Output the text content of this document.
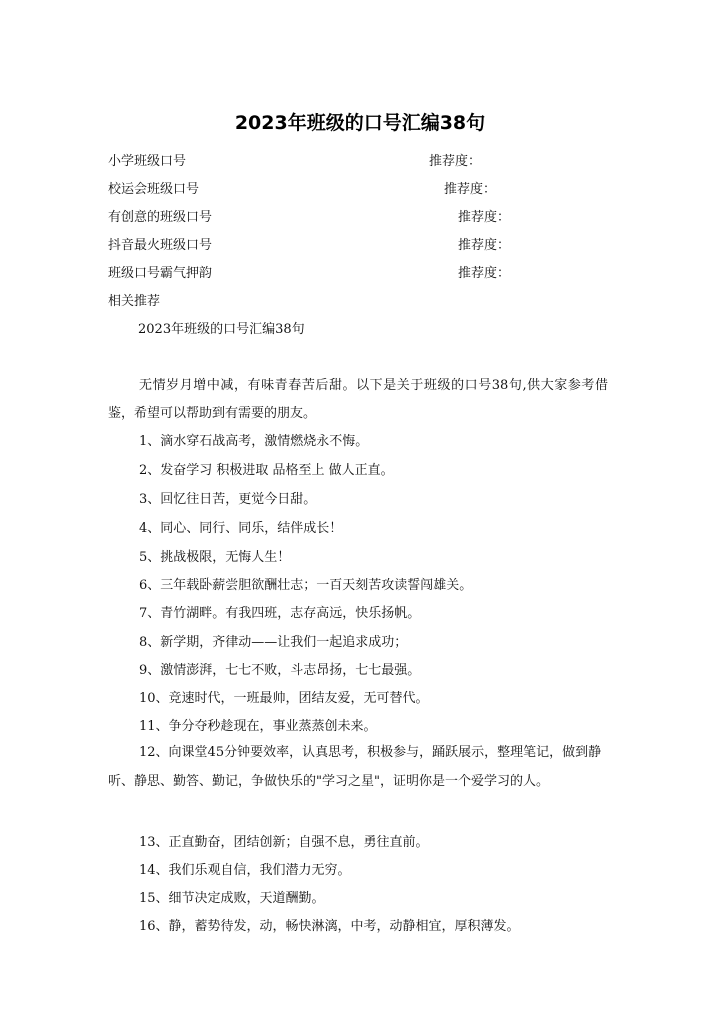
2023年班级的口号汇编38句
小学班级口号	推荐度：
校运会班级口号	推荐度：
有创意的班级口号	推荐度：
抖音最火班级口号	推荐度：
班级口号霸气押韵	推荐度：
相关推荐
2023年班级的口号汇编38句
无情岁月增中减，有味青春苦后甜。以下是关于班级的口号38句,供大家参考借鉴，希望可以帮助到有需要的朋友。
1、滴水穿石战高考，激情燃烧永不悔。
2、发奋学习 积极进取 品格至上 做人正直。
3、回忆往日苦，更觉今日甜。
4、同心、同行、同乐，结伴成长！
5、挑战极限，无悔人生！
6、三年载卧薪尝胆欲酬壮志；一百天刻苦攻读誓闯雄关。
7、青竹湖畔。有我四班，志存高远，快乐扬帆。
8、新学期，齐律动——让我们一起追求成功；
9、激情澎湃，七七不败，斗志昂扬，七七最强。
10、竞速时代，一班最帅，团结友爱，无可替代。
11、争分夺秒趁现在，事业蒸蒸创未来。
12、向课堂45分钟要效率，认真思考，积极参与，踊跃展示，整理笔记，做到静听、静思、勤答、勤记，争做快乐的"学习之星"，证明你是一个爱学习的人。
13、正直勤奋，团结创新；自强不息，勇往直前。
14、我们乐观自信，我们潜力无穷。
15、细节决定成败，天道酬勤。
16、静，蓄势待发，动，畅快淋漓，中考，动静相宜，厚积薄发。
